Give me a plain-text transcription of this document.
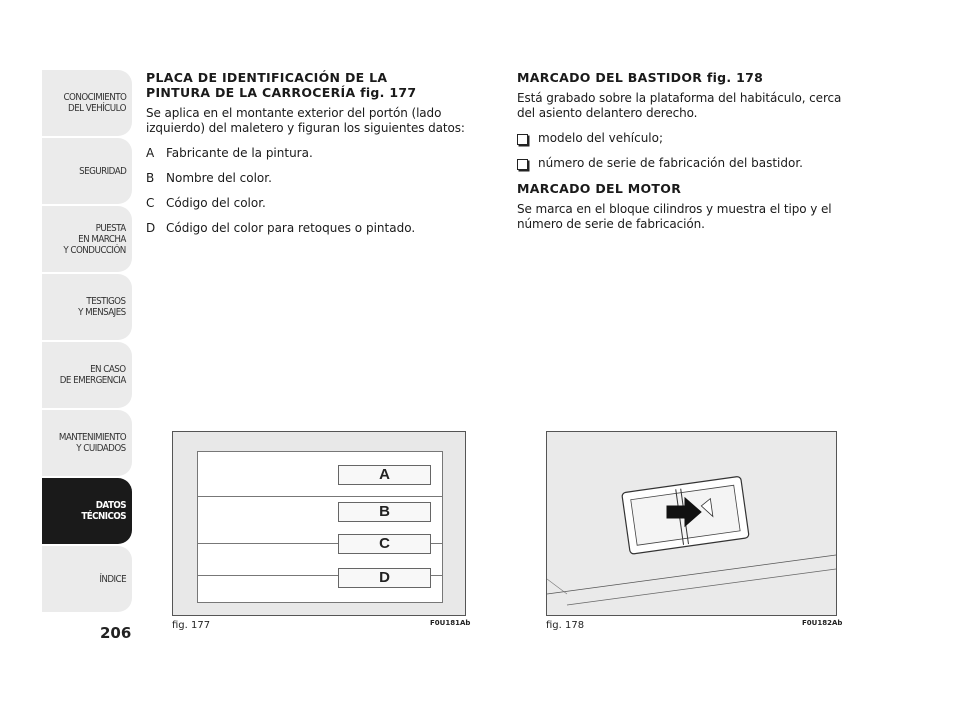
CONOCIMIENTO
DEL VEHÍCULO
SEGURIDAD
PUESTA
EN MARCHA
Y CONDUCCIÓN
TESTIGOS
Y MENSAJES
EN CASO
DE EMERGENCIA
MANTENIMIENTO
Y CUIDADOS
DATOS TÉCNICOS
ÍNDICE
206
PLACA DE IDENTIFICACIÓN DE LA
PINTURA DE LA CARROCERÍA fig. 177

Se aplica en el montante exterior del portón (lado izquierdo) del maletero y figuran los siguientes datos:

A Fabricante de la pintura.
B Nombre del color.
C Código del color.
D Código del color para retoques o pintado.
MARCADO DEL BASTIDOR fig. 178

Está grabado sobre la plataforma del habitáculo, cerca del asiento delantero derecho.

modelo del vehículo;
número de serie de fabricación del bastidor.
MARCADO DEL MOTOR

Se marca en el bloque cilindros y muestra el tipo y el número de serie de fabricación.

A
B
C
D
fig. 177	F0U181Ab	fig. 178	F0U182Ab
